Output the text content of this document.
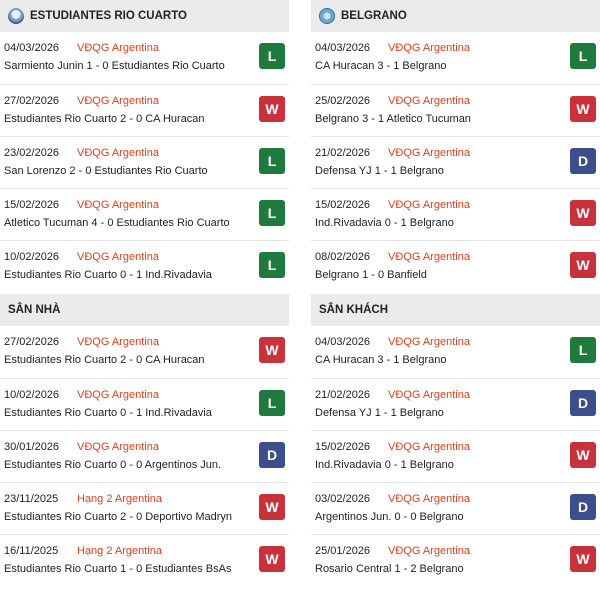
ESTUDIANTES RIO CUARTO
04/03/2026 VĐQG Argentina
Sarmiento Junin 1 - 0 Estudiantes Rio Cuarto
L
27/02/2026 VĐQG Argentina
Estudiantes Rio Cuarto 2 - 0 CA Huracan
W
23/02/2026 VĐQG Argentina
San Lorenzo 2 - 0 Estudiantes Rio Cuarto
L
15/02/2026 VĐQG Argentina
Atletico Tucuman 4 - 0 Estudiantes Rio Cuarto
L
10/02/2026 VĐQG Argentina
Estudiantes Rio Cuarto 0 - 1 Ind.Rivadavia
L
SÂN NHÀ
27/02/2026 VĐQG Argentina
Estudiantes Rio Cuarto 2 - 0 CA Huracan
W
10/02/2026 VĐQG Argentina
Estudiantes Rio Cuarto 0 - 1 Ind.Rivadavia
L
30/01/2026 VĐQG Argentina
Estudiantes Rio Cuarto 0 - 0 Argentinos Jun.
D
23/11/2025 Hạng 2 Argentina
Estudiantes Rio Cuarto 2 - 0 Deportivo Madryn
W
16/11/2025 Hạng 2 Argentina
Estudiantes Rio Cuarto 1 - 0 Estudiantes BsAs
W
BELGRANO
04/03/2026 VĐQG Argentina
CA Huracan 3 - 1 Belgrano
L
25/02/2026 VĐQG Argentina
Belgrano 3 - 1 Atletico Tucuman
W
21/02/2026 VĐQG Argentina
Defensa YJ 1 - 1 Belgrano
D
15/02/2026 VĐQG Argentina
Ind.Rivadavia 0 - 1 Belgrano
W
08/02/2026 VĐQG Argentina
Belgrano 1 - 0 Banfield
W
SÂN KHÁCH
04/03/2026 VĐQG Argentina
CA Huracan 3 - 1 Belgrano
L
21/02/2026 VĐQG Argentina
Defensa YJ 1 - 1 Belgrano
D
15/02/2026 VĐQG Argentina
Ind.Rivadavia 0 - 1 Belgrano
W
03/02/2026 VĐQG Argentina
Argentinos Jun. 0 - 0 Belgrano
D
25/01/2026 VĐQG Argentina
Rosario Central 1 - 2 Belgrano
W
